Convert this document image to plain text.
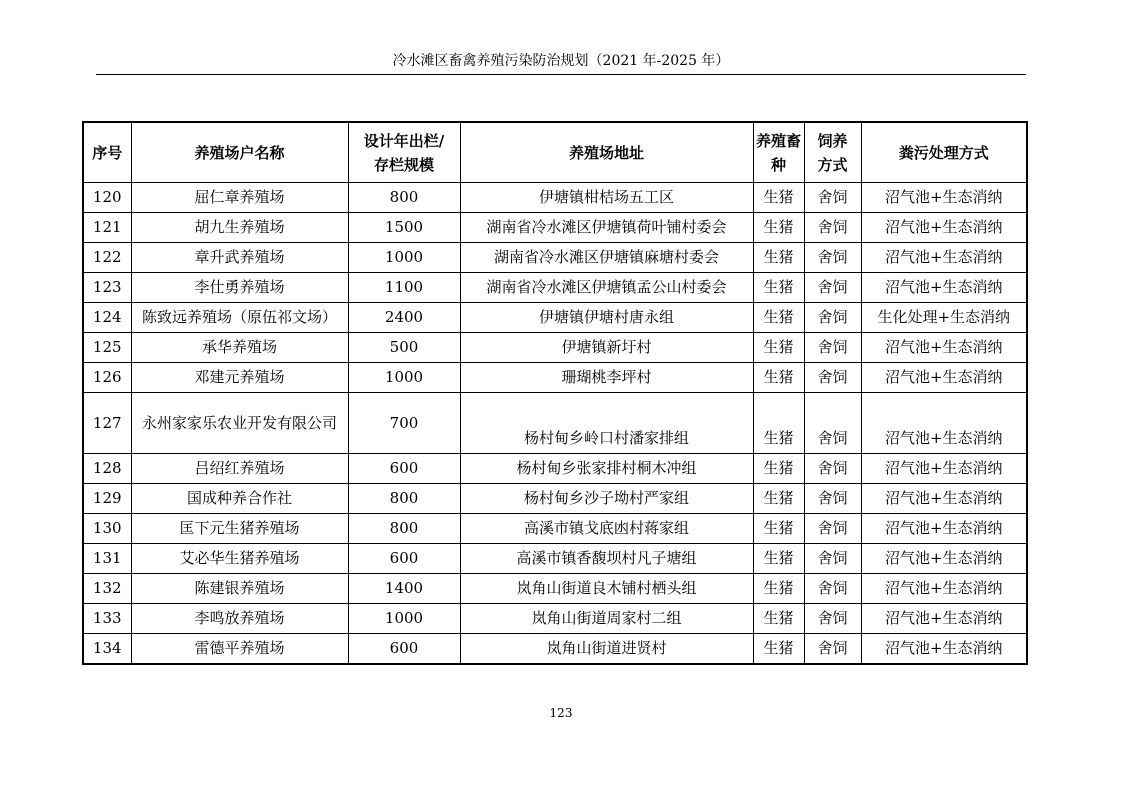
冷水滩区畜禽养殖污染防治规划（2021 年-2025 年）
序号	养殖场户名称	设计年出栏/存栏规模	养殖场地址	养殖畜种	饲养方式	粪污处理方式
120	屈仁章养殖场	800	伊塘镇柑桔场五工区	生猪	舍饲	沼气池+生态消纳
121	胡九生养殖场	1500	湖南省冷水滩区伊塘镇荷叶铺村委会	生猪	舍饲	沼气池+生态消纳
122	章升武养殖场	1000	湖南省冷水滩区伊塘镇麻塘村委会	生猪	舍饲	沼气池+生态消纳
123	李仕勇养殖场	1100	湖南省冷水滩区伊塘镇孟公山村委会	生猪	舍饲	沼气池+生态消纳
124	陈致远养殖场（原伍祁文场）	2400	伊塘镇伊塘村唐永组	生猪	舍饲	生化处理+生态消纳
125	承华养殖场	500	伊塘镇新圩村	生猪	舍饲	沼气池+生态消纳
126	邓建元养殖场	1000	珊瑚桃李坪村	生猪	舍饲	沼气池+生态消纳
127	永州家家乐农业开发有限公司	700	杨村甸乡岭口村潘家排组	生猪	舍饲	沼气池+生态消纳
128	吕绍红养殖场	600	杨村甸乡张家排村桐木冲组	生猪	舍饲	沼气池+生态消纳
129	国成种养合作社	800	杨村甸乡沙子坳村严家组	生猪	舍饲	沼气池+生态消纳
130	匡下元生猪养殖场	800	高溪市镇戈底凼村蒋家组	生猪	舍饲	沼气池+生态消纳
131	艾必华生猪养殖场	600	高溪市镇香馥坝村凡子塘组	生猪	舍饲	沼气池+生态消纳
132	陈建银养殖场	1400	岚角山街道良木铺村栖头组	生猪	舍饲	沼气池+生态消纳
133	李鸣放养殖场	1000	岚角山街道周家村二组	生猪	舍饲	沼气池+生态消纳
134	雷德平养殖场	600	岚角山街道进贤村	生猪	舍饲	沼气池+生态消纳
123
